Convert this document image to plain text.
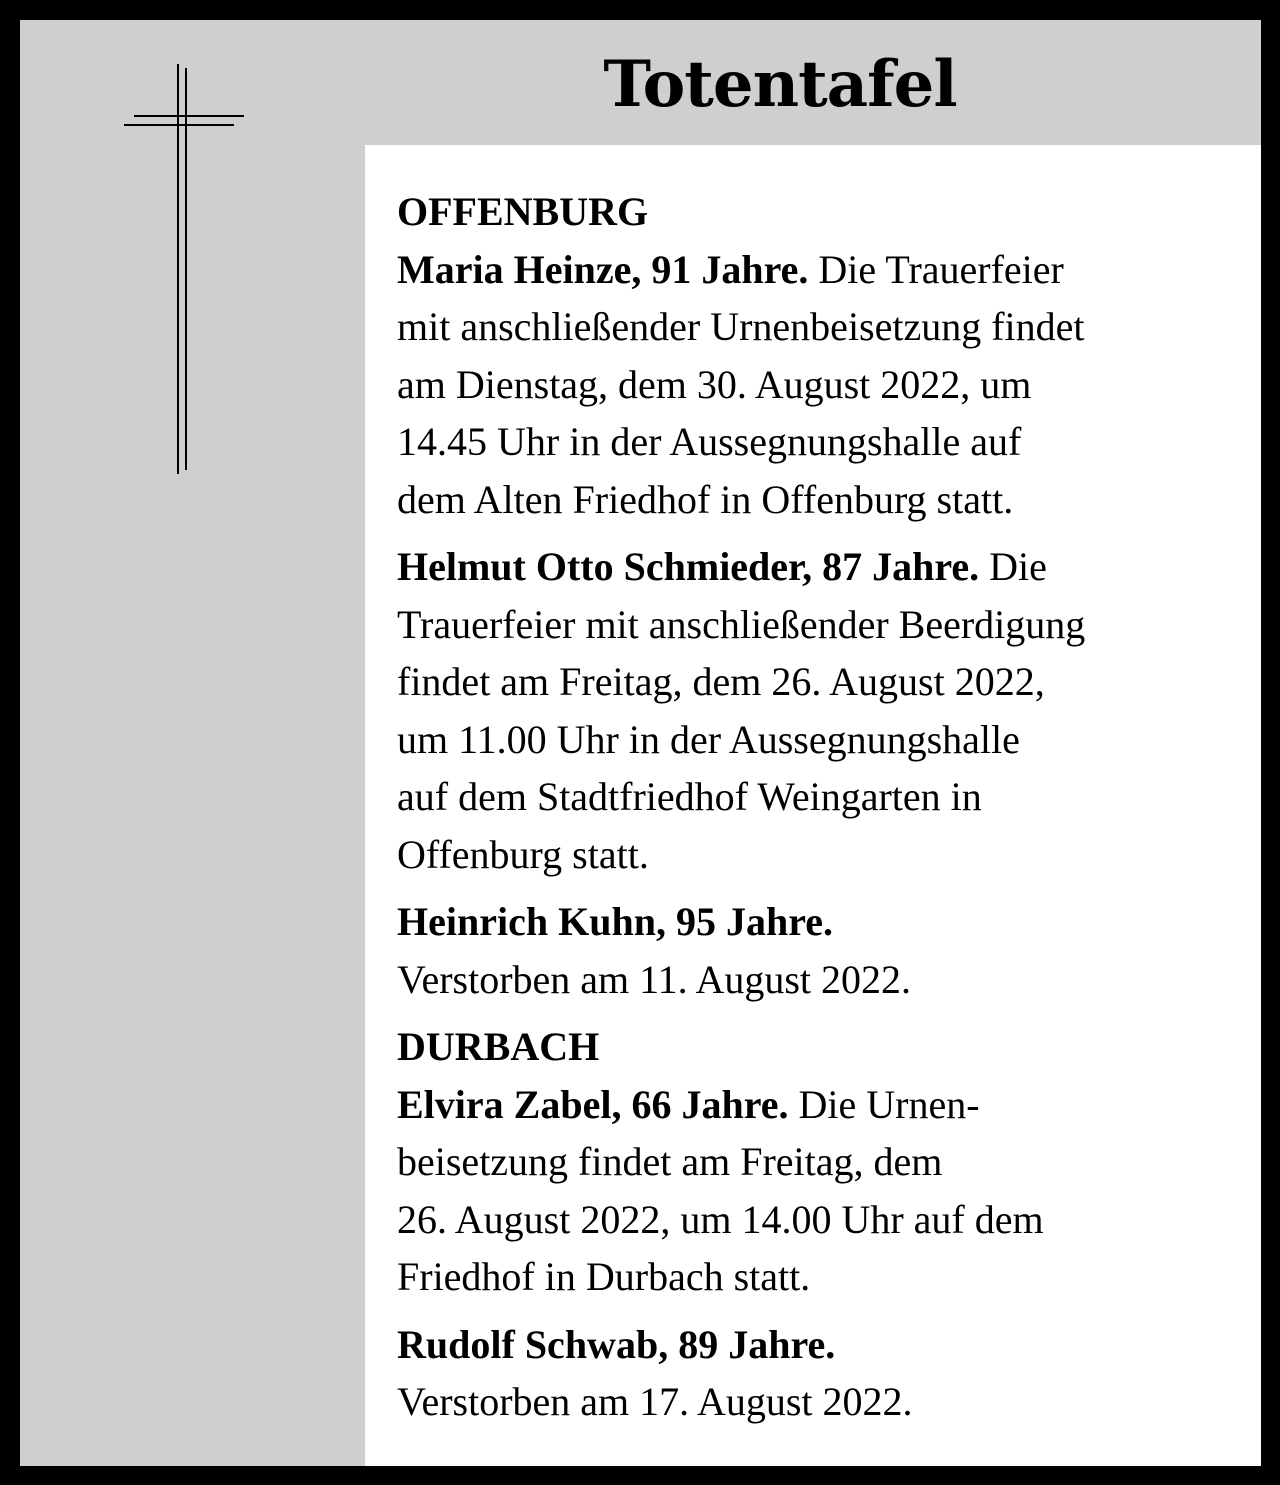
Totentafel
OFFENBURG
Maria Heinze, 91 Jahre. Die Trauerfeier
mit anschließender Urnenbeisetzung findet
am Dienstag, dem 30. August 2022, um
14.45 Uhr in der Aussegnungshalle auf
dem Alten Friedhof in Offenburg statt.
Helmut Otto Schmieder, 87 Jahre. Die
Trauerfeier mit anschließender Beerdigung
findet am Freitag, dem 26. August 2022,
um 11.00 Uhr in der Aussegnungshalle
auf dem Stadtfriedhof Weingarten in
Offenburg statt.
Heinrich Kuhn, 95 Jahre.
Verstorben am 11. August 2022.
DURBACH
Elvira Zabel, 66 Jahre. Die Urnen-
beisetzung findet am Freitag, dem
26. August 2022, um 14.00 Uhr auf dem
Friedhof in Durbach statt.
Rudolf Schwab, 89 Jahre.
Verstorben am 17. August 2022.
